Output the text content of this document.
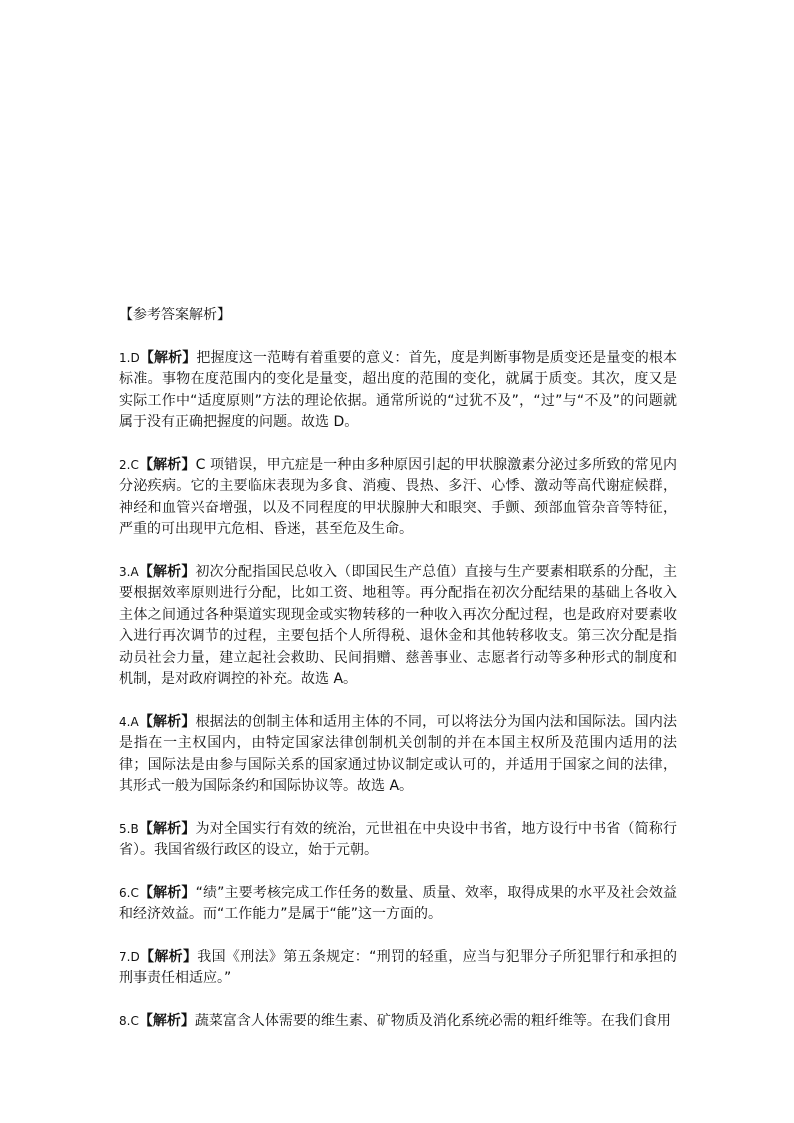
【参考答案解析】
1.D【解析】把握度这一范畴有着重要的意义：首先，度是判断事物是质变还是量变的根本标准。事物在度范围内的变化是量变，超出度的范围的变化，就属于质变。其次，度又是实际工作中“适度原则”方法的理论依据。通常所说的“过犹不及”，“过”与“不及”的问题就属于没有正确把握度的问题。故选 D。
2.C【解析】C 项错误，甲亢症是一种由多种原因引起的甲状腺激素分泌过多所致的常见内分泌疾病。它的主要临床表现为多食、消瘦、畏热、多汗、心悸、激动等高代谢症候群，神经和血管兴奋增强，以及不同程度的甲状腺肿大和眼突、手颤、颈部血管杂音等特征，严重的可出现甲亢危相、昏迷，甚至危及生命。
3.A【解析】初次分配指国民总收入（即国民生产总值）直接与生产要素相联系的分配，主要根据效率原则进行分配，比如工资、地租等。再分配指在初次分配结果的基础上各收入主体之间通过各种渠道实现现金或实物转移的一种收入再次分配过程，也是政府对要素收入进行再次调节的过程，主要包括个人所得税、退休金和其他转移收支。第三次分配是指动员社会力量，建立起社会救助、民间捐赠、慈善事业、志愿者行动等多种形式的制度和机制，是对政府调控的补充。故选 A。
4.A【解析】根据法的创制主体和适用主体的不同，可以将法分为国内法和国际法。国内法是指在一主权国内，由特定国家法律创制机关创制的并在本国主权所及范围内适用的法律；国际法是由参与国际关系的国家通过协议制定或认可的，并适用于国家之间的法律，其形式一般为国际条约和国际协议等。故选 A。
5.B【解析】为对全国实行有效的统治，元世祖在中央设中书省，地方设行中书省（简称行省）。我国省级行政区的设立，始于元朝。
6.C【解析】“绩”主要考核完成工作任务的数量、质量、效率，取得成果的水平及社会效益和经济效益。而“工作能力”是属于“能”这一方面的。
7.D【解析】我国《刑法》第五条规定：“刑罚的轻重，应当与犯罪分子所犯罪行和承担的刑事责任相适应。”
8.C【解析】蔬菜富含人体需要的维生素、矿物质及消化系统必需的粗纤维等。在我们食用
